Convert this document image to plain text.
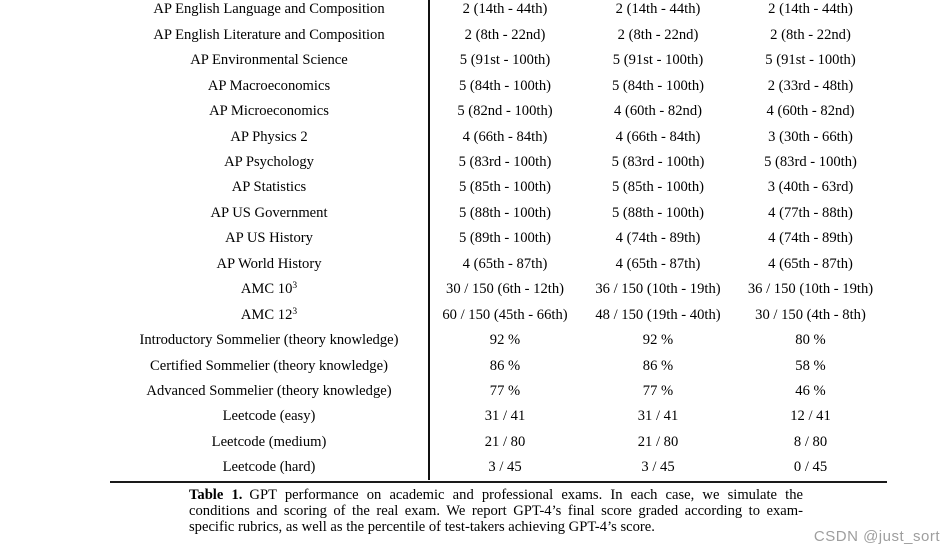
AP English Language and Composition	2 (14th - 44th)	2 (14th - 44th)	2 (14th - 44th)
AP English Literature and Composition	2 (8th - 22nd)	2 (8th - 22nd)	2 (8th - 22nd)
AP Environmental Science	5 (91st - 100th)	5 (91st - 100th)	5 (91st - 100th)
AP Macroeconomics	5 (84th - 100th)	5 (84th - 100th)	2 (33rd - 48th)
AP Microeconomics	5 (82nd - 100th)	4 (60th - 82nd)	4 (60th - 82nd)
AP Physics 2	4 (66th - 84th)	4 (66th - 84th)	3 (30th - 66th)
AP Psychology	5 (83rd - 100th)	5 (83rd - 100th)	5 (83rd - 100th)
AP Statistics	5 (85th - 100th)	5 (85th - 100th)	3 (40th - 63rd)
AP US Government	5 (88th - 100th)	5 (88th - 100th)	4 (77th - 88th)
AP US History	5 (89th - 100th)	4 (74th - 89th)	4 (74th - 89th)
AP World History	4 (65th - 87th)	4 (65th - 87th)	4 (65th - 87th)
AMC $10^3$	30 / 150 (6th - 12th)	36 / 150 (10th - 19th)	36 / 150 (10th - 19th)
AMC $12^3$	60 / 150 (45th - 66th)	48 / 150 (19th - 40th)	30 / 150 (4th - 8th)
Introductory Sommelier (theory knowledge)	92 %	92 %	80 %
Certified Sommelier (theory knowledge)	86 %	86 %	58 %
Advanced Sommelier (theory knowledge)	77 %	77 %	46 %
Leetcode (easy)	31 / 41	31 / 41	12 / 41
Leetcode (medium)	21 / 80	21 / 80	8 / 80
Leetcode (hard)	3 / 45	3 / 45	0 / 45
Table 1. GPT performance on academic and professional exams. In each case, we simulate the conditions and scoring of the real exam. We report GPT-4’s final score graded according to exam-specific rubrics, as well as the percentile of test-takers achieving GPT-4’s score.
CSDN @just_sort
